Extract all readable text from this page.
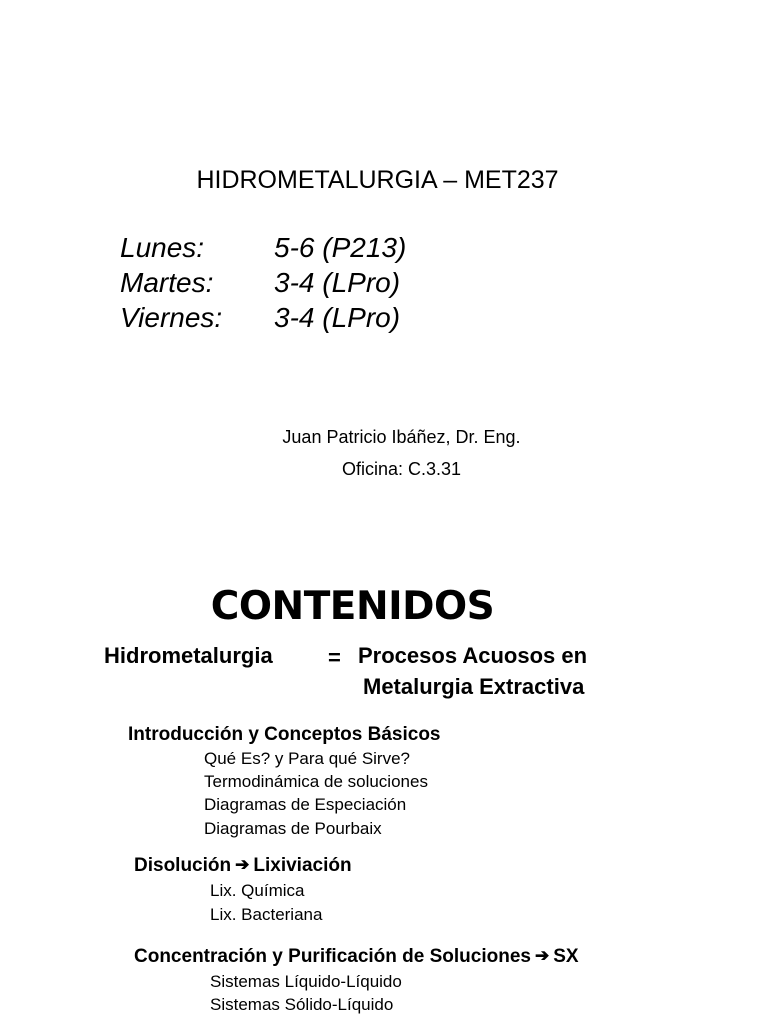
HIDROMETALURGIA – MET237
Lunes: 5-6 (P213)
Martes: 3-4 (LPro)
Viernes: 3-4 (LPro)
Juan Patricio Ibáñez, Dr. Eng.
Oficina: C.3.31
CONTENIDOS
Hidrometalurgia	= Procesos Acuosos en
Metalurgia Extractiva
Introducción y Conceptos Básicos
Qué Es? y Para qué Sirve?
Termodinámica de soluciones
Diagramas de Especiación
Diagramas de Pourbaix
Disolución ➔ Lixiviación
Lix. Química
Lix. Bacteriana
Concentración y Purificación de Soluciones ➔ SX
Sistemas Líquido-Líquido
Sistemas Sólido-Líquido
